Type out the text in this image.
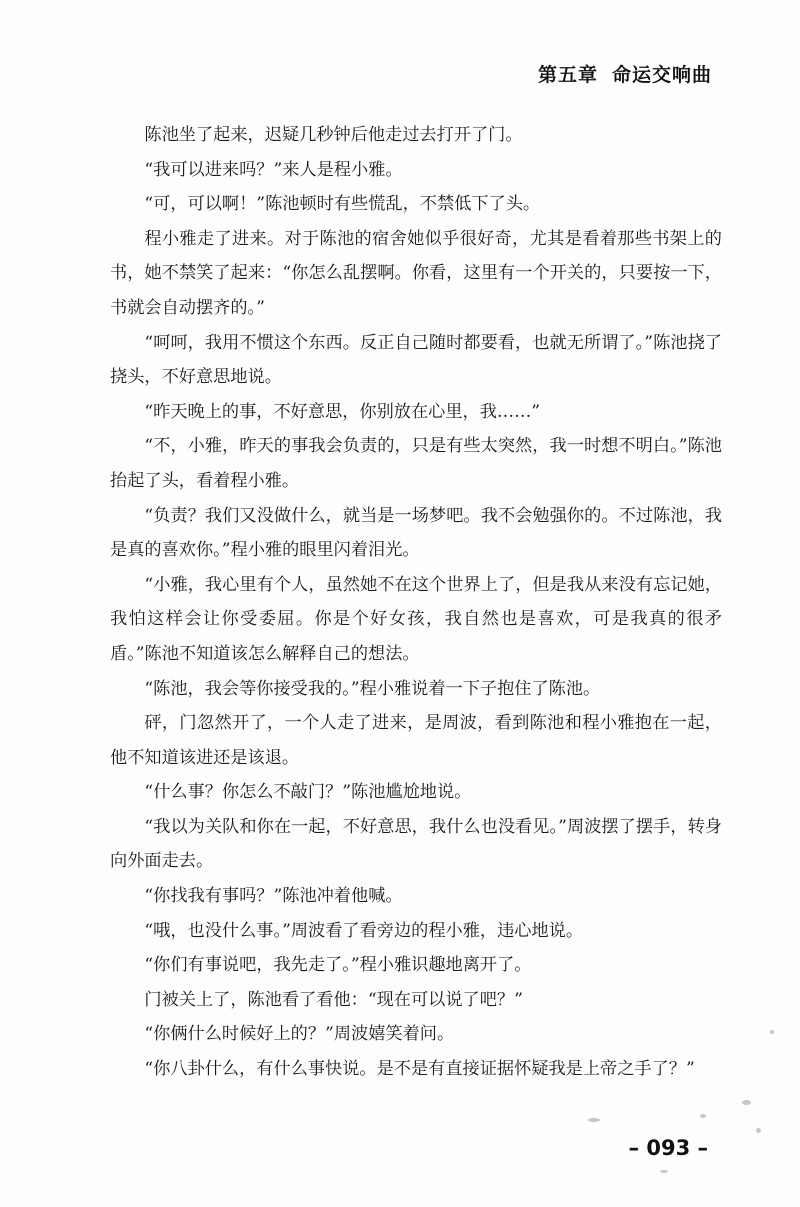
第五章 命运交响曲

陈池坐了起来，迟疑几秒钟后他走过去打开了门。

“我可以进来吗？”来人是程小雅。

“可，可以啊！”陈池顿时有些慌乱，不禁低下了头。

程小雅走了进来。对于陈池的宿舍她似乎很好奇，尤其是看着那些书架上的书，她不禁笑了起来：“你怎么乱摆啊。你看，这里有一个开关的，只要按一下，书就会自动摆齐的。”

“呵呵，我用不惯这个东西。反正自己随时都要看，也就无所谓了。”陈池挠了挠头，不好意思地说。

“昨天晚上的事，不好意思，你别放在心里，我……”

“不，小雅，昨天的事我会负责的，只是有些太突然，我一时想不明白。”陈池抬起了头，看着程小雅。

“负责？我们又没做什么，就当是一场梦吧。我不会勉强你的。不过陈池，我是真的喜欢你。”程小雅的眼里闪着泪光。

“小雅，我心里有个人，虽然她不在这个世界上了，但是我从来没有忘记她，我怕这样会让你受委屈。你是个好女孩，我自然也是喜欢，可是我真的很矛盾。”陈池不知道该怎么解释自己的想法。

“陈池，我会等你接受我的。”程小雅说着一下子抱住了陈池。

砰，门忽然开了，一个人走了进来，是周波，看到陈池和程小雅抱在一起，他不知道该进还是该退。

“什么事？你怎么不敲门？”陈池尴尬地说。

“我以为关队和你在一起，不好意思，我什么也没看见。”周波摆了摆手，转身向外面走去。

“你找我有事吗？”陈池冲着他喊。

“哦，也没什么事。”周波看了看旁边的程小雅，违心地说。

“你们有事说吧，我先走了。”程小雅识趣地离开了。

门被关上了，陈池看了看他：“现在可以说了吧？”

“你俩什么时候好上的？”周波嬉笑着问。

“你八卦什么，有什么事快说。是不是有直接证据怀疑我是上帝之手了？”

– 093 –
